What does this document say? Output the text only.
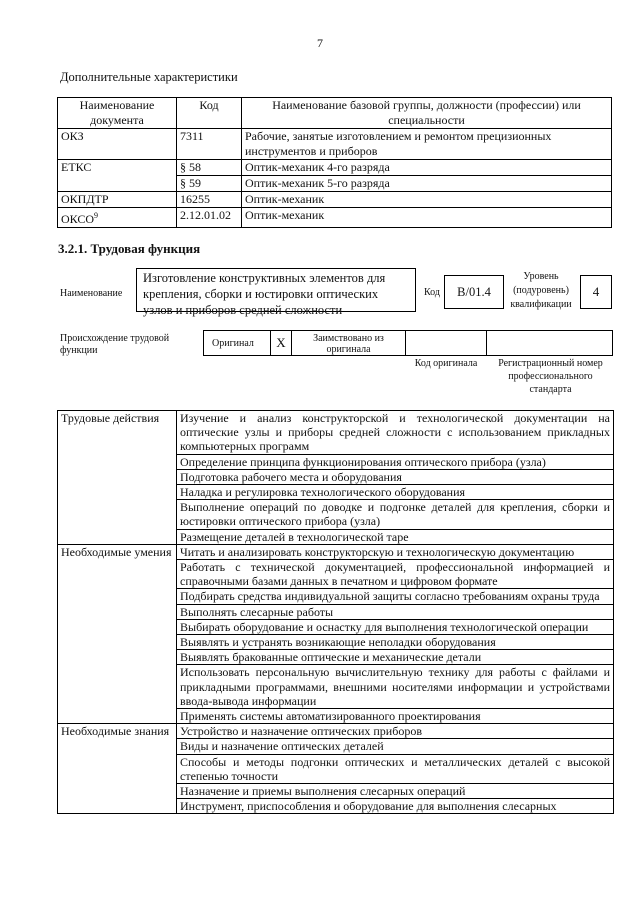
7
Дополнительные характеристики
Наименование документа	Код	Наименование базовой группы, должности (профессии) или специальности
ОКЗ	7311	Рабочие, занятые изготовлением и ремонтом прецизионных инструментов и приборов
ЕТКС	§ 58	Оптик-механик 4-го разряда
	§ 59	Оптик-механик 5-го разряда
ОКПДТР	16255	Оптик-механик
ОКСО$^9$	2.12.01.02	Оптик-механик
3.2.1. Трудовая функция
Наименование
Изготовление конструктивных элементов для крепления, сборки и юстировки оптических узлов и приборов средней сложности
Код	В/01.4
Уровень (подуровень) квалификации
4
Происхождение трудовой функции
Оригинал	X	Заимствовано из оригинала
Код оригинала	Регистрационный номер профессионального стандарта
Трудовые действия	Изучение и анализ конструкторской и технологической документации на оптические узлы и приборы средней сложности с использованием прикладных компьютерных программ
	Определение принципа функционирования оптического прибора (узла)
	Подготовка рабочего места и оборудования
	Наладка и регулировка технологического оборудования
	Выполнение операций по доводке и подгонке деталей для крепления, сборки и юстировки оптического прибора (узла)
	Размещение деталей в технологической таре
Необходимые умения	Читать и анализировать конструкторскую и технологическую документацию
	Работать с технической документацией, профессиональной информацией и справочными базами данных в печатном и цифровом формате
	Подбирать средства индивидуальной защиты согласно требованиям охраны труда
	Выполнять слесарные работы
	Выбирать оборудование и оснастку для выполнения технологической операции
	Выявлять и устранять возникающие неполадки оборудования
	Выявлять бракованные оптические и механические детали
	Использовать персональную вычислительную технику для работы с файлами и прикладными программами, внешними носителями информации и устройствами ввода-вывода информации
	Применять системы автоматизированного проектирования
Необходимые знания	Устройство и назначение оптических приборов
	Виды и назначение оптических деталей
	Способы и методы подгонки оптических и металлических деталей с высокой степенью точности
	Назначение и приемы выполнения слесарных операций
	Инструмент, приспособления и оборудование для выполнения слесарных
